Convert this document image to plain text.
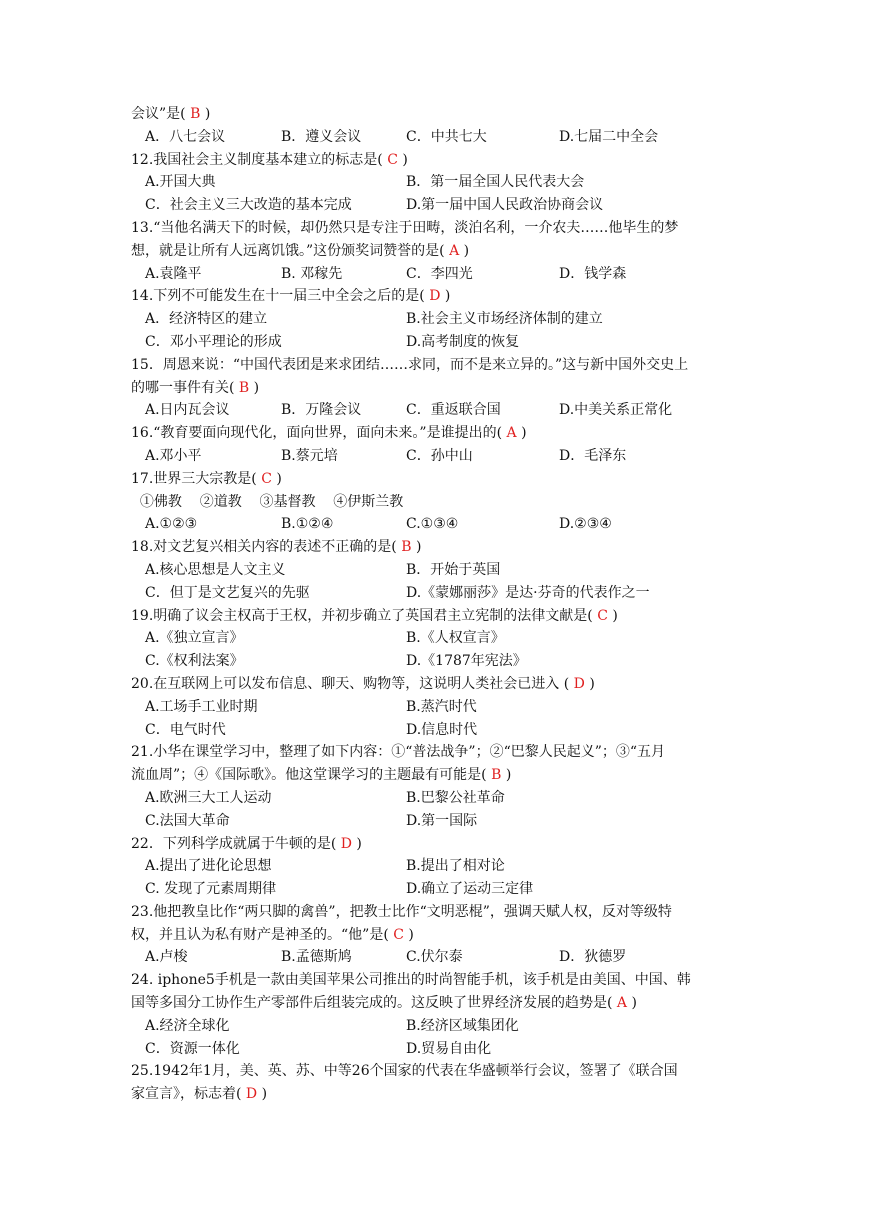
会议”是( B )
A．八七会议	B．遵义会议	C．中共七大	D.七届二中全会
12.我国社会主义制度基本建立的标志是( C )
A.开国大典	B．第一届全国人民代表大会
C．社会主义三大改造的基本完成	D.第一届中国人民政治协商会议
13.“当他名满天下的时候，却仍然只是专注于田畴，淡泊名利，一介农夫……他毕生的梦
想，就是让所有人远离饥饿。”这份颁奖词赞誉的是( A )
A.袁隆平	B. 邓稼先	C．李四光	D．钱学森
14.下列不可能发生在十一届三中全会之后的是( D )
A．经济特区的建立	B.社会主义市场经济体制的建立
C．邓小平理论的形成	D.高考制度的恢复
15．周恩来说：“中国代表团是来求团结……求同，而不是来立异的。”这与新中国外交史上
的哪一事件有关( B )
A.日内瓦会议	B．万隆会议	C．重返联合国	D.中美关系正常化
16.“教育要面向现代化，面向世界，面向未来。”是谁提出的( A )
A.邓小平	B.蔡元培	C．孙中山	D．毛泽东
17.世界三大宗教是( C )
①佛教    ②道教    ③基督教    ④伊斯兰教
A.①②③	B.①②④	C.①③④	D.②③④
18.对文艺复兴相关内容的表述不正确的是( B )
A.核心思想是人文主义	B．开始于英国
C．但丁是文艺复兴的先驱	D.《蒙娜丽莎》是达·芬奇的代表作之一
19.明确了议会主权高于王权，并初步确立了英国君主立宪制的法律文献是( C )
A.《独立宣言》	B.《人权宣言》
C.《权利法案》	D.《1787年宪法》
20.在互联网上可以发布信息、聊天、购物等，这说明人类社会已进入 ( D )
A.工场手工业时期	B.蒸汽时代
C．电气时代	D.信息时代
21.小华在课堂学习中，整理了如下内容：①“普法战争”；②“巴黎人民起义”；③“五月
流血周”；④《国际歌》。他这堂课学习的主题最有可能是( B )
A.欧洲三大工人运动	B.巴黎公社革命
C.法国大革命	D.第一国际
22．下列科学成就属于牛顿的是( D )
A.提出了进化论思想	B.提出了相对论
C. 发现了元素周期律	D.确立了运动三定律
23.他把教皇比作“两只脚的禽兽”，把教士比作“文明恶棍”，强调天赋人权，反对等级特
权，并且认为私有财产是神圣的。“他”是( C )
A.卢梭	B.孟德斯鸠	C.伏尔泰	D．狄德罗
24. iphone5手机是一款由美国苹果公司推出的时尚智能手机，该手机是由美国、中国、韩
国等多国分工协作生产零部件后组装完成的。这反映了世界经济发展的趋势是( A )
A.经济全球化	B.经济区域集团化
C．资源一体化	D.贸易自由化
25.1942年1月，美、英、苏、中等26个国家的代表在华盛顿举行会议，签署了《联合国
家宣言》，标志着( D )
